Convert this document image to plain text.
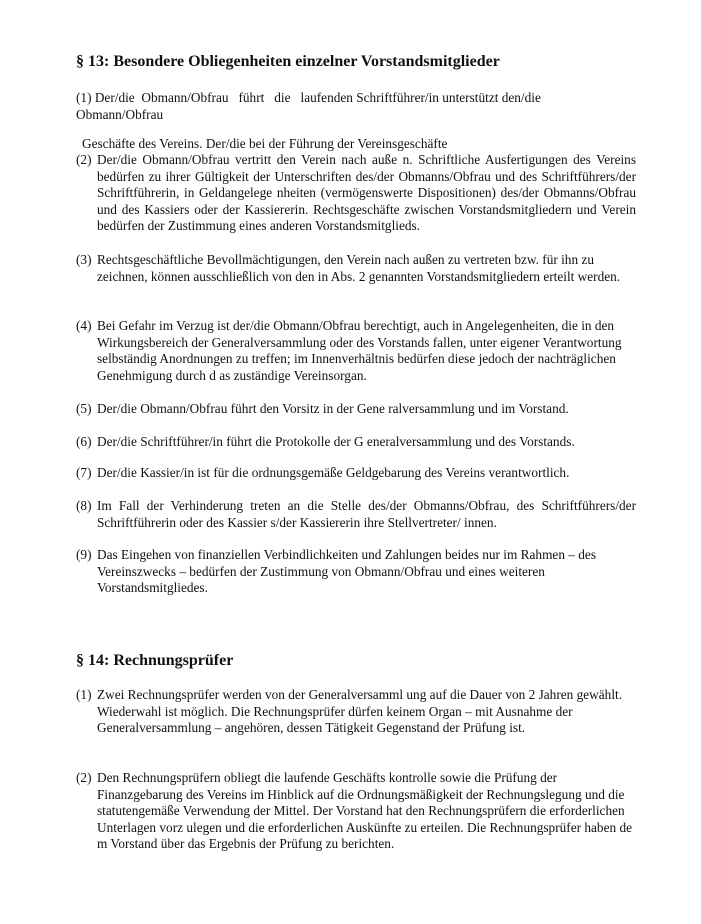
§ 13: Besondere Obliegenheiten einzelner Vorstandsmitglieder

(1) Der/die  Obmann/Obfrau   führt   die   laufenden Schriftführer/in unterstützt den/die

Obmann/Obfrau

Geschäfte des Vereins. Der/die bei der Führung der Vereinsgeschäfte

(2) Der/die Obmann/Obfrau vertritt den Verein nach auße n. Schriftliche Ausfertigungen des Vereins bedürfen zu ihrer Gültigkeit der Unterschriften des/der Obmanns/Obfrau und des Schriftführers/der Schriftführerin, in Geldangelege nheiten (vermögenswerte Dispositionen) des/der Obmanns/Obfrau und des Kassiers oder der Kassiererin. Rechtsgeschäfte zwischen Vorstandsmitgliedern und Verein bedürfen der Zustimmung eines anderen Vorstandsmitglieds.
(3) Rechtsgeschäftliche Bevollmächtigungen, den Verein nach außen zu vertreten bzw. für ihn zu zeichnen, können ausschließlich von den in Abs. 2 genannten Vorstandsmitgliedern erteilt werden.
(4) Bei Gefahr im Verzug ist der/die Obmann/Obfrau berechtigt, auch in Angelegenheiten, die in den Wirkungsbereich der Generalversammlung oder des Vorstands fallen, unter eigener Verantwortung selbständig Anordnungen zu treffen; im Innenverhältnis bedürfen diese jedoch der nachträglichen Genehmigung durch d as zuständige Vereinsorgan.
(5) Der/die Obmann/Obfrau führt den Vorsitz in der Gene ralversammlung und im Vorstand.
(6) Der/die Schriftführer/in führt die Protokolle der G eneralversammlung und des Vorstands.
(7) Der/die Kassier/in ist für die ordnungsgemäße Geldgebarung des Vereins verantwortlich.
(8) Im Fall der Verhinderung treten an die Stelle des/der Obmanns/Obfrau, des Schriftführers/der Schriftführerin oder des Kassier s/der Kassiererin ihre Stellvertreter/ innen.
(9) Das Eingehen von finanziellen Verbindlichkeiten und Zahlungen beides nur im Rahmen – des Vereinszwecks – bedürfen der Zustimmung von Obmann/Obfrau und eines weiteren Vorstandsmitgliedes.
§ 14: Rechnungsprüfer
(1) Zwei Rechnungsprüfer werden von der Generalversamml ung auf die Dauer von 2 Jahren gewählt. Wiederwahl ist möglich. Die Rechnungsprüfer dürfen keinem Organ – mit Ausnahme der Generalversammlung – angehören, dessen Tätigkeit Gegenstand der Prüfung ist.
(2) Den Rechnungsprüfern obliegt die laufende Geschäfts kontrolle sowie die Prüfung der Finanzgebarung des Vereins im Hinblick auf die Ordnungsmäßigkeit der Rechnungslegung und die statutengemäße Verwendung der Mittel. Der Vorstand hat den Rechnungsprüfern die erforderlichen Unterlagen vorz ulegen und die erforderlichen Auskünfte zu erteilen. Die Rechnungsprüfer haben de m Vorstand über das Ergebnis der Prüfung zu berichten.
